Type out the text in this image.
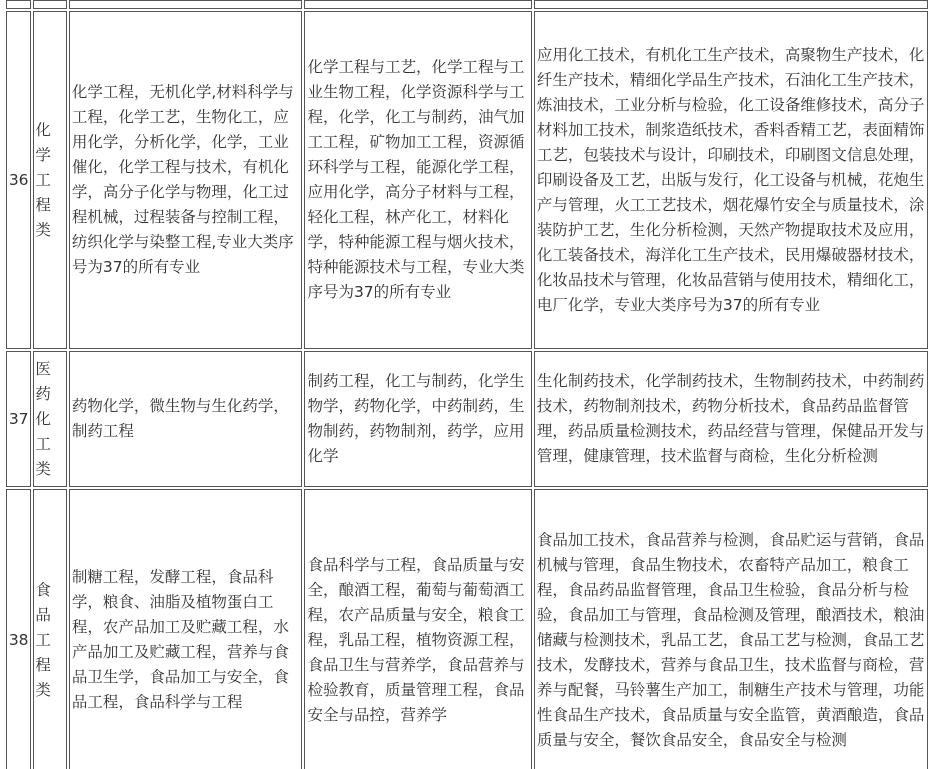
36	化学工程类	化学工程，无机化学,材料科学与工程，化学工艺，生物化工，应用化学，分析化学，化学，工业催化，化学工程与技术，有机化学，高分子化学与物理，化工过程机械，过程装备与控制工程，纺织化学与染整工程,专业大类序号为37的所有专业	化学工程与工艺，化学工程与工业生物工程，化学资源科学与工程，化学，化工与制药，油气加工工程，矿物加工工程，资源循环科学与工程，能源化学工程，应用化学，高分子材料与工程，轻化工程，林产化工，材料化学，特种能源工程与烟火技术，特种能源技术与工程，专业大类序号为37的所有专业	应用化工技术，有机化工生产技术，高聚物生产技术，化纤生产技术，精细化学品生产技术，石油化工生产技术，炼油技术，工业分析与检验，化工设备维修技术，高分子材料加工技术，制浆造纸技术，香料香精工艺，表面精饰工艺，包装技术与设计，印刷技术，印刷图文信息处理，印刷设备及工艺，出版与发行，化工设备与机械，花炮生产与管理，火工工艺技术，烟花爆竹安全与质量技术，涂装防护工艺，生化分析检测，天然产物提取技术及应用，化工装备技术，海洋化工生产技术，民用爆破器材技术，化妆品技术与管理，化妆品营销与使用技术，精细化工，电厂化学，专业大类序号为37的所有专业
37	医药化工类	药物化学，微生物与生化药学，制药工程	制药工程，化工与制药，化学生物学，药物化学，中药制药，生物制药，药物制剂，药学，应用化学	生化制药技术，化学制药技术，生物制药技术，中药制药技术，药物制剂技术，药物分析技术，食品药品监督管理，药品质量检测技术，药品经营与管理，保健品开发与管理，健康管理，技术监督与商检，生化分析检测
38	食品工程类	制糖工程，发酵工程，食品科学，粮食、油脂及植物蛋白工程，农产品加工及贮藏工程，水产品加工及贮藏工程，营养与食品卫生学，食品加工与安全，食品工程，食品科学与工程	食品科学与工程，食品质量与安全，酿酒工程，葡萄与葡萄酒工程，农产品质量与安全，粮食工程，乳品工程，植物资源工程，食品卫生与营养学，食品营养与检验教育，质量管理工程，食品安全与品控，营养学	食品加工技术，食品营养与检测，食品贮运与营销，食品机械与管理，食品生物技术，农畜特产品加工，粮食工程，食品药品监督管理，食品卫生检验，食品分析与检验，食品加工与管理，食品检测及管理，酿酒技术，粮油储藏与检测技术，乳品工艺，食品工艺与检测，食品工艺技术，发酵技术，营养与食品卫生，技术监督与商检，营养与配餐，马铃薯生产加工，制糖生产技术与管理，功能性食品生产技术，食品质量与安全监管，黄酒酿造，食品质量与安全，餐饮食品安全，食品安全与检测
